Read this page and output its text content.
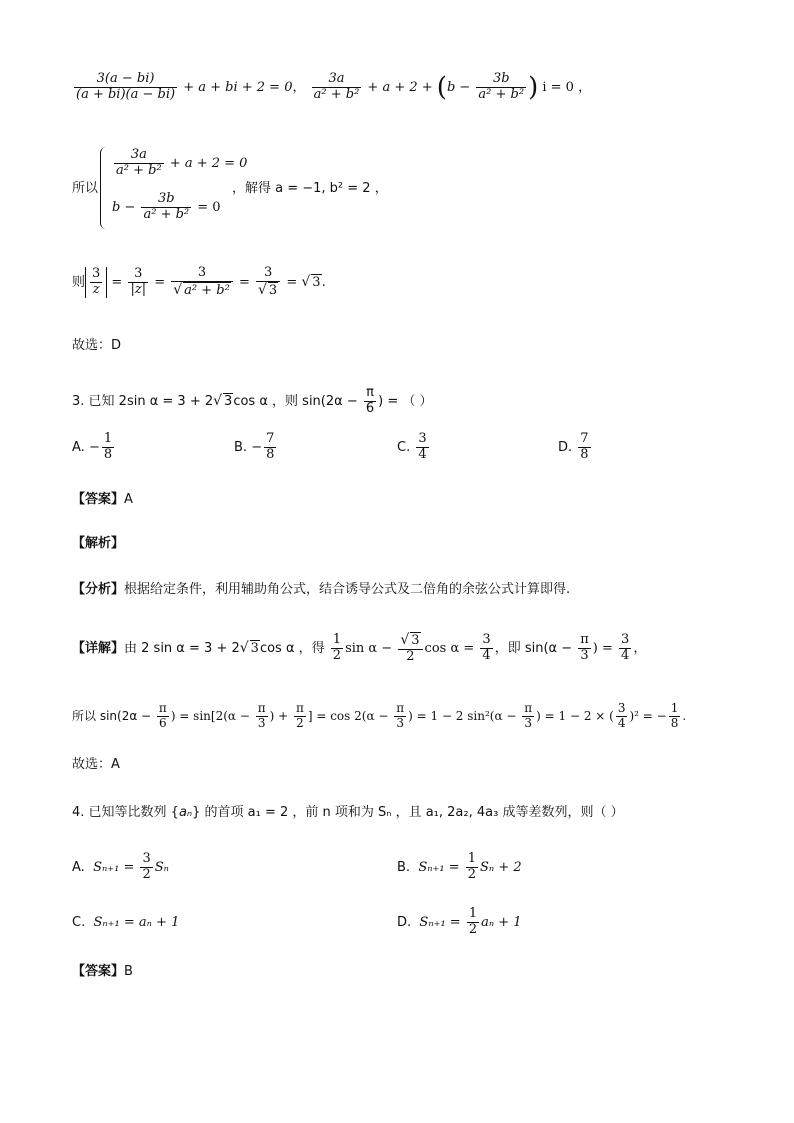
$\frac{3(a - bi)}{(a + bi)(a - bi)} + a$ + bi + 2 = 0， $\frac{3a}{\text{a² + b²}} + a + 2 + (b - \frac{3b}{\text{a² + b²}}$ ) i = 0 ，
所以
$\frac{3a}{\text{a² + b²}} + a + 2 = 0$
$b - \frac{3b}{\text{a² + b²}} = 0$
，解得 a = −1, b² = 2 ，
则 $\frac{3}{z} = \frac{3}{|z|} = \frac{3}{\text{√ a² + b²}} = \frac{3}{√ 3}$ = √ 3.
故选：D
3. 已知 2sin α = 3 + 2√ 3cos α ，则 $\sin(2\alpha - \frac{\pi}{6}$ ) = （ ）
A. − $\frac{1}{8}$	B. − $\frac{7}{8}$	C. $\frac{3}{4}$	D. $\frac{7}{8}$
【答案】A
【解析】
【分析】根据给定条件，利用辅助角公式，结合诱导公式及二倍角的余弦公式计算即得.
【详解】由 2 sin α = 3 + 2√ 3cos α ，得 $\frac{1}{2}$ $\sin \alpha - \frac{√ 3}{2}$ $\cos \alpha = \frac{3}{4}$ ，即 $\sin(\alpha - \frac{\pi}{3}$ ) = $\frac{3}{4}$ ，
所以 $\sin(2\alpha - \frac{\pi}{6}$ ) = $\sin[2(\alpha - \frac{\pi}{3}$ ) + $\frac{\pi}{2}$ ] = $\cos 2(\alpha - \frac{\pi}{3}$ ) = 1 − 2 $\sin^2(\alpha - \frac{\pi}{3}$ ) = 1 − 2 × ( $\frac{3}{4} )^2$ = − $\frac{1}{8}$ .
故选：A
4. 已知等比数列 {aₙ} 的首项 a₁ = 2 ，前 n 项和为 Sₙ ，且 a₁, 2a₂, 4a₃ 成等差数列，则（ ）
A. $S_{n+1} = \frac{3}{2}$ Sₙ	B. $S_{n+1} = \frac{1}{2}$ Sₙ + 2
C. Sₙ₊₁ = aₙ + 1	D. $S_{n+1} = \frac{1}{2}$ aₙ + 1
【答案】B
